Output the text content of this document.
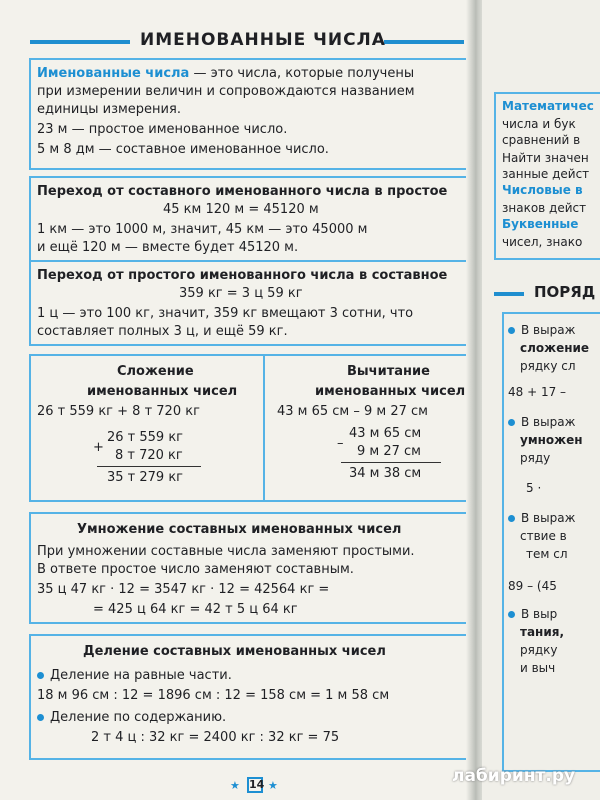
ИМЕНОВАННЫЕ ЧИСЛА
Именованные числа — это числа, которые получены
при измерении величин и сопровождаются названием
единицы измерения.
23 м — простое именованное число.
5 м 8 дм — составное именованное число.
Переход от составного именованного числа в простое
45 км 120 м = 45120 м
1 км — это 1000 м, значит, 45 км — это 45000 м
и ещё 120 м — вместе будет 45120 м.
Переход от простого именованного числа в составное
359 кг = 3 ц 59 кг
1 ц — это 100 кг, значит, 359 кг вмещают 3 сотни, что
составляет полных 3 ц, и ещё 59 кг.
Сложение
именованных чисел
26 т 559 кг + 8 т 720 кг
26 т 559 кг
+
8 т 720 кг
35 т 279 кг
Вычитание
именованных чисел
43 м 65 см – 9 м 27 см
43 м 65 см
–
9 м 27 см
34 м 38 см
Умножение составных именованных чисел
При умножении составные числа заменяют простыми.
В ответе простое число заменяют составным.
35 ц 47 кг · 12 = 3547 кг · 12 = 42564 кг =
= 425 ц 64 кг = 42 т 5 ц 64 кг
Деление составных именованных чисел
Деление на равные части.
18 м 96 см : 12 = 1896 см : 12 = 158 см = 1 м 58 см
Деление по содержанию.
2 т 4 ц : 32 кг = 2400 кг : 32 кг = 75
★ 14 ★
Математичес
числа и бук
сравнений в
Найти значен
занные дейст
Числовые в
знаков дейст
Буквенные
чисел, знако
ПОРЯД
В выраж
сложение
рядку сл
48 + 17 –
В выраж
умножен
ряду
5 ·
В выраж
ствие в
тем сл
89 – (45
В выр
тания,
рядку
и выч
лабиринт.ру
